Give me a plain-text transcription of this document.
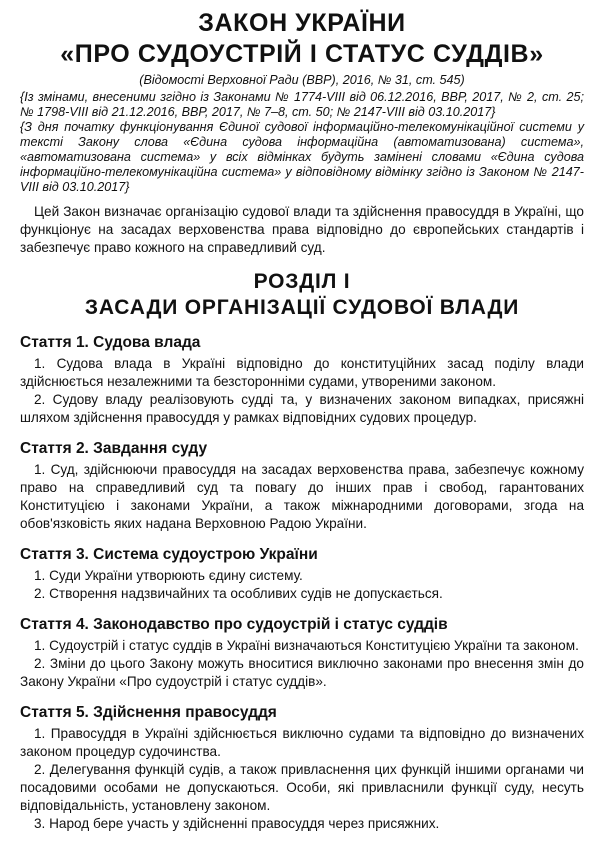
ЗАКОН УКРАЇНИ
«ПРО СУДОУСТРІЙ І СТАТУС СУДДІВ»

(Відомості Верховної Ради (ВВР), 2016, № 31, ст. 545)

{Із змінами, внесеними згідно із Законами № 1774-VIII від 06.12.2016, ВВР, 2017, № 2, ст. 25; № 1798-VIII від 21.12.2016, ВВР, 2017, № 7–8, ст. 50; № 2147-VIII від 03.10.2017}

{З дня початку функціонування Єдиної судової інформаційно-телекомунікаційної системи у тексті Закону слова «Єдина судова інформаційна (автоматизована) система», «автоматизована система» у всіх відмінках будуть замінені словами «Єдина судова інформаційно-телекомунікаційна система» у відповідному відмінку згідно із Законом № 2147-VIII від 03.10.2017}

Цей Закон визначає організацію судової влади та здійснення правосуддя в Україні, що функціонує на засадах верховенства права відповідно до європейських стандартів і забезпечує право кожного на справедливий суд.

РОЗДІЛ I
ЗАСАДИ ОРГАНІЗАЦІЇ СУДОВОЇ ВЛАДИ
Стаття 1. Судова влада

1. Судова влада в Україні відповідно до конституційних засад поділу влади здійснюється незалежними та безсторонніми судами, утвореними законом.

2. Судову владу реалізовують судді та, у визначених законом випадках, присяжні шляхом здійснення правосуддя у рамках відповідних судових процедур.

Стаття 2. Завдання суду

1. Суд, здійснюючи правосуддя на засадах верховенства права, забезпечує кожному право на справедливий суд та повагу до інших прав і свобод, гарантованих Конституцією і законами України, а також міжнародними договорами, згода на обов'язковість яких надана Верховною Радою України.

Стаття 3. Система судоустрою України

1. Суди України утворюють єдину систему.

2. Створення надзвичайних та особливих судів не допускається.

Стаття 4. Законодавство про судоустрій і статус суддів

1. Судоустрій і статус суддів в Україні визначаються Конституцією України та законом.

2. Зміни до цього Закону можуть вноситися виключно законами про внесення змін до Закону України «Про судоустрій і статус суддів».

Стаття 5. Здійснення правосуддя

1. Правосуддя в Україні здійснюється виключно судами та відповідно до визначених законом процедур судочинства.

2. Делегування функцій судів, а також привласнення цих функцій іншими органами чи посадовими особами не допускаються. Особи, які привласнили функції суду, несуть відповідальність, установлену законом.

3. Народ бере участь у здійсненні правосуддя через присяжних.
